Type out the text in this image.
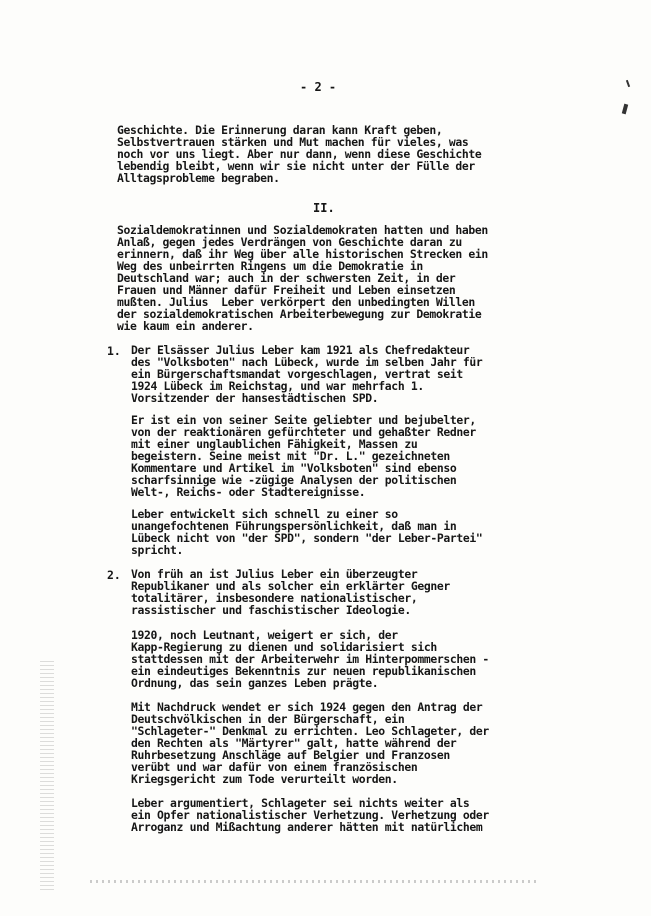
- 2 -
Geschichte. Die Erinnerung daran kann Kraft geben,
Selbstvertrauen stärken und Mut machen für vieles, was
noch vor uns liegt. Aber nur dann, wenn diese Geschichte
lebendig bleibt, wenn wir sie nicht unter der Fülle der
Alltagsprobleme begraben.
II.
Sozialdemokratinnen und Sozialdemokraten hatten und haben
Anlaß, gegen jedes Verdrängen von Geschichte daran zu
erinnern, daß ihr Weg über alle historischen Strecken ein
Weg des unbeirrten Ringens um die Demokratie in
Deutschland war; auch in der schwersten Zeit, in der
Frauen und Männer dafür Freiheit und Leben einsetzen
mußten. Julius  Leber verkörpert den unbedingten Willen
der sozialdemokratischen Arbeiterbewegung zur Demokratie
wie kaum ein anderer.
1. Der Elsässer Julius Leber kam 1921 als Chefredakteur
des "Volksboten" nach Lübeck, wurde im selben Jahr für
ein Bürgerschaftsmandat vorgeschlagen, vertrat seit
1924 Lübeck im Reichstag, und war mehrfach 1.
Vorsitzender der hansestädtischen SPD.
Er ist ein von seiner Seite geliebter und bejubelter,
von der reaktionären gefürchteter und gehaßter Redner
mit einer unglaublichen Fähigkeit, Massen zu
begeistern. Seine meist mit "Dr. L." gezeichneten
Kommentare und Artikel im "Volksboten" sind ebenso
scharfsinnige wie -zügige Analysen der politischen
Welt-, Reichs- oder Stadtereignisse.
Leber entwickelt sich schnell zu einer so
unangefochtenen Führungspersönlichkeit, daß man in
Lübeck nicht von "der SPD", sondern "der Leber-Partei"
spricht.
2. Von früh an ist Julius Leber ein überzeugter
Republikaner und als solcher ein erklärter Gegner
totalitärer, insbesondere nationalistischer,
rassistischer und faschistischer Ideologie.
1920, noch Leutnant, weigert er sich, der
Kapp-Regierung zu dienen und solidarisiert sich
stattdessen mit der Arbeiterwehr im Hinterpommerschen -
ein eindeutiges Bekenntnis zur neuen republikanischen
Ordnung, das sein ganzes Leben prägte.
Mit Nachdruck wendet er sich 1924 gegen den Antrag der
Deutschvölkischen in der Bürgerschaft, ein
"Schlageter-" Denkmal zu errichten. Leo Schlageter, der
den Rechten als "Märtyrer" galt, hatte während der
Ruhrbesetzung Anschläge auf Belgier und Franzosen
verübt und war dafür von einem französischen
Kriegsgericht zum Tode verurteilt worden.
Leber argumentiert, Schlageter sei nichts weiter als
ein Opfer nationalistischer Verhetzung. Verhetzung oder
Arroganz und Mißachtung anderer hätten mit natürlichem
